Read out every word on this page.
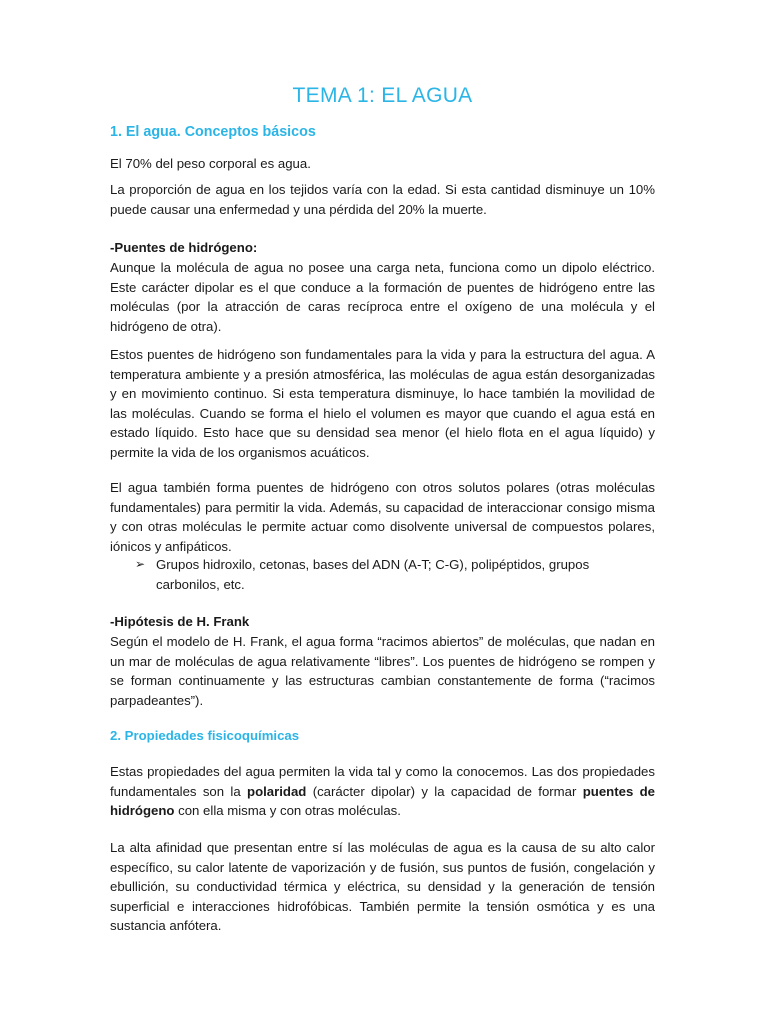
TEMA 1: EL AGUA
1. El agua. Conceptos básicos

El 70% del peso corporal es agua.

La proporción de agua en los tejidos varía con la edad. Si esta cantidad disminuye un 10% puede causar una enfermedad y una pérdida del 20% la muerte.

-Puentes de hidrógeno:

Aunque la molécula de agua no posee una carga neta, funciona como un dipolo eléctrico. Este carácter dipolar es el que conduce a la formación de puentes de hidrógeno entre las moléculas (por la atracción de caras recíproca entre el oxígeno de una molécula y el hidrógeno de otra).

Estos puentes de hidrógeno son fundamentales para la vida y para la estructura del agua. A temperatura ambiente y a presión atmosférica, las moléculas de agua están desorganizadas y en movimiento continuo. Si esta temperatura disminuye, lo hace también la movilidad de las moléculas. Cuando se forma el hielo el volumen es mayor que cuando el agua está en estado líquido. Esto hace que su densidad sea menor (el hielo flota en el agua líquido) y permite la vida de los organismos acuáticos.

El agua también forma puentes de hidrógeno con otros solutos polares (otras moléculas fundamentales) para permitir la vida. Además, su capacidad de interaccionar consigo misma y con otras moléculas le permite actuar como disolvente universal de compuestos polares, iónicos y anfipáticos.

➢ Grupos hidroxilo, cetonas, bases del ADN (A-T; C-G), polipéptidos, grupos carbonilos, etc.
-Hipótesis de H. Frank

Según el modelo de H. Frank, el agua forma “racimos abiertos” de moléculas, que nadan en un mar de moléculas de agua relativamente “libres”. Los puentes de hidrógeno se rompen y se forman continuamente y las estructuras cambian constantemente de forma (“racimos parpadeantes”).

2. Propiedades fisicoquímicas

Estas propiedades del agua permiten la vida tal y como la conocemos. Las dos propiedades fundamentales son la polaridad (carácter dipolar) y la capacidad de formar puentes de hidrógeno con ella misma y con otras moléculas.

La alta afinidad que presentan entre sí las moléculas de agua es la causa de su alto calor específico, su calor latente de vaporización y de fusión, sus puntos de fusión, congelación y ebullición, su conductividad térmica y eléctrica, su densidad y la generación de tensión superficial e interacciones hidrofóbicas. También permite la tensión osmótica y es una sustancia anfótera.
